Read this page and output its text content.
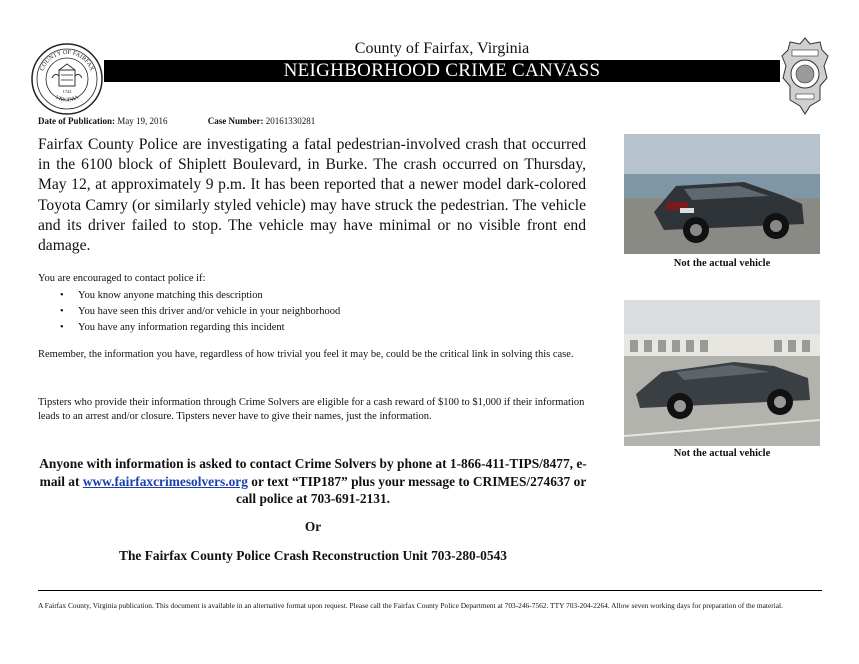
COUNTY OF FAIRFAX
VIRGINIA
1742
County of Fairfax, Virginia
NEIGHBORHOOD CRIME CANVASS
Date of Publication: May 19, 2016	Case Number: 20161330281

Fairfax County Police are investigating a fatal pedestrian-involved crash that occurred in the 6100 block of Shiplett Boulevard, in Burke. The crash occurred on Thursday, May 12, at approximately 9 p.m. It has been reported that a newer model dark-colored Toyota Camry (or similarly styled vehicle) may have struck the pedestrian. The vehicle and its driver failed to stop. The vehicle may have minimal or no visible front end damage.

You are encouraged to contact police if:

• You know anyone matching this description
• You have seen this driver and/or vehicle in your neighborhood
• You have any information regarding this incident

Remember, the information you have, regardless of how trivial you feel it may be, could be the critical link in solving this case.

Tipsters who provide their information through Crime Solvers are eligible for a cash reward of $100 to $1,000 if their information leads to an arrest and/or closure. Tipsters never have to give their names, just the information.

Anyone with information is asked to contact Crime Solvers by phone at 1-866-411-TIPS/8477, e-mail at www.fairfaxcrimesolvers.org or text “TIP187” plus your message to CRIMES/274637 or call police at 703-691-2131.

Or

The Fairfax County Police Crash Reconstruction Unit 703-280-0543

Not the actual vehicle
Not the actual vehicle

A Fairfax County, Virginia publication. This document is available in an alternative format upon request. Please call the Fairfax County Police Department at 703-246-7562. TTY 703-204-2264. Allow seven working days for preparation of the material.
